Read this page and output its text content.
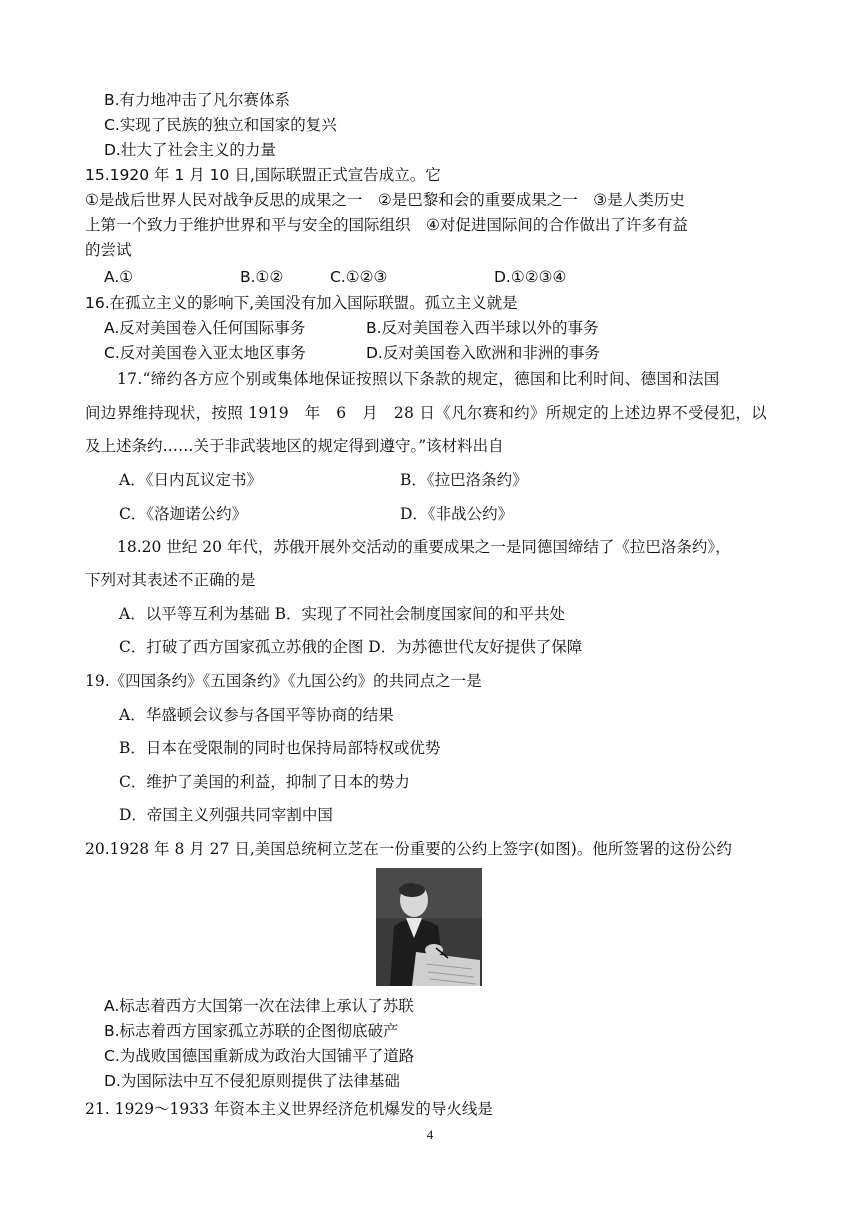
B.有力地冲击了凡尔赛体系
C.实现了民族的独立和国家的复兴
D.壮大了社会主义的力量
15.1920 年 1 月 10 日,国际联盟正式宣告成立。它
①是战后世界人民对战争反思的成果之一　②是巴黎和会的重要成果之一　③是人类历史
上第一个致力于维护世界和平与安全的国际组织　④对促进国际间的合作做出了许多有益
的尝试
A.①	B.①②	C.①②③	D.①②③④
16.在孤立主义的影响下,美国没有加入国际联盟。孤立主义就是
A.反对美国卷入任何国际事务	B.反对美国卷入西半球以外的事务
C.反对美国卷入亚太地区事务	D.反对美国卷入欧洲和非洲的事务
17.“缔约各方应个别或集体地保证按照以下条款的规定，德国和比利时间、德国和法国
间边界维持现状，按照 1919　年　6　月　28 日《凡尔赛和约》所规定的上述边界不受侵犯，以
及上述条约……关于非武装地区的规定得到遵守。”该材料出自
A．《日内瓦议定书》	B．《拉巴洛条约》
C．《洛迦诺公约》	D．《非战公约》
18.20 世纪 20 年代，苏俄开展外交活动的重要成果之一是同德国缔结了《拉巴洛条约》，
下列对其表述不正确的是
A．以平等互利为基础 B．实现了不同社会制度国家间的和平共处
C．打破了西方国家孤立苏俄的企图 D．为苏德世代友好提供了保障
19.《四国条约》《五国条约》《九国公约》的共同点之一是
A．华盛顿会议参与各国平等协商的结果
B．日本在受限制的同时也保持局部特权或优势
C．维护了美国的利益，抑制了日本的势力
D．帝国主义列强共同宰割中国
20.1928 年 8 月 27 日,美国总统柯立芝在一份重要的公约上签字(如图)。他所签署的这份公约
A.标志着西方大国第一次在法律上承认了苏联
B.标志着西方国家孤立苏联的企图彻底破产
C.为战败国德国重新成为政治大国铺平了道路
D.为国际法中互不侵犯原则提供了法律基础
21. 1929～1933 年资本主义世界经济危机爆发的导火线是
4
